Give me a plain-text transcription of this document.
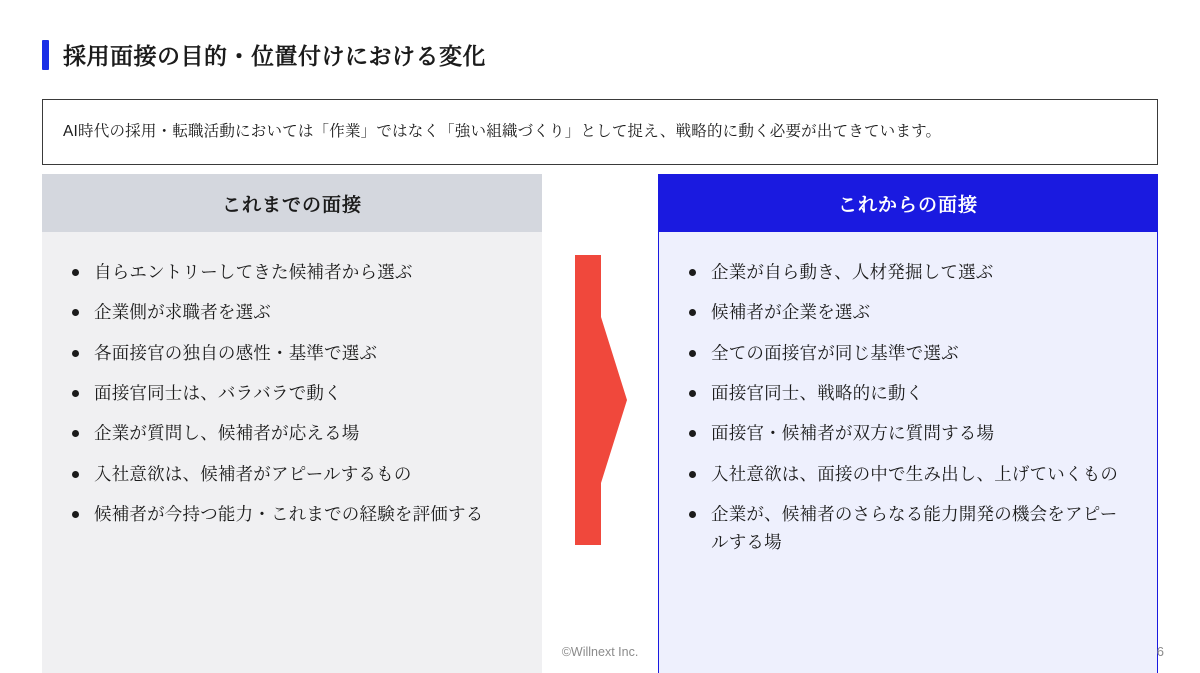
採用面接の目的・位置付けにおける変化
AI時代の採用・転職活動においては「作業」ではなく「強い組織づくり」として捉え、戦略的に動く必要が出てきています。
これまでの面接
自らエントリーしてきた候補者から選ぶ
企業側が求職者を選ぶ
各面接官の独自の感性・基準で選ぶ
面接官同士は、バラバラで動く
企業が質問し、候補者が応える場
入社意欲は、候補者がアピールするもの
候補者が今持つ能力・これまでの経験を評価する
これからの面接
企業が自ら動き、人材発掘して選ぶ
候補者が企業を選ぶ
全ての面接官が同じ基準で選ぶ
面接官同士、戦略的に動く
面接官・候補者が双方に質問する場
入社意欲は、面接の中で生み出し、上げていくもの
企業が、候補者のさらなる能力開発の機会をアピールする場
©Willnext Inc.	6
